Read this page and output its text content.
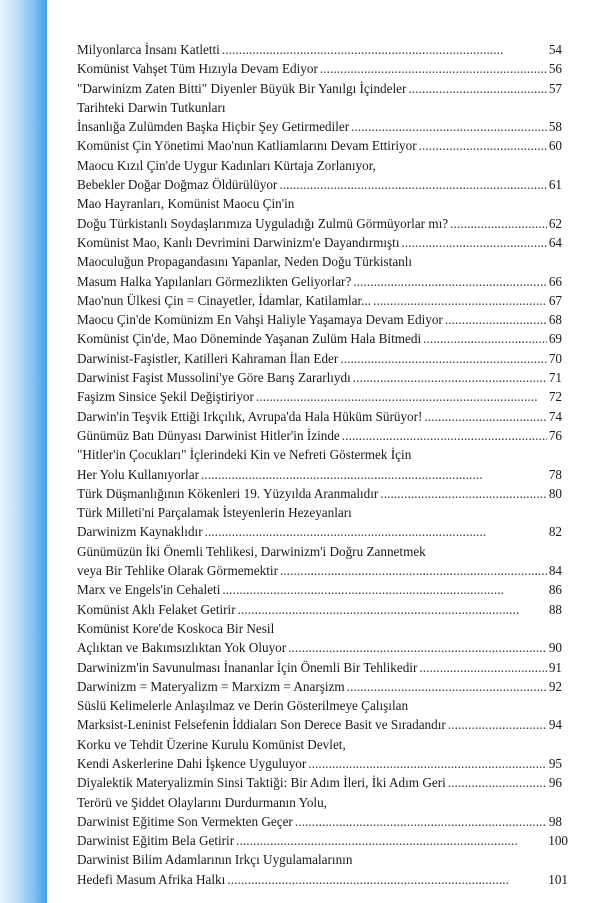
Milyonlarca İnsanı Katletti . . .	54
Komünist Vahşet Tüm Hızıyla Devam Ediyor . . .	56
"Darwinizm Zaten Bitti" Diyenler Büyük Bir Yanılgı İçindeler . . .	57
Tarihteki Darwin Tutkunları
İnsanlığa Zulümden Başka Hiçbir Şey Getirmediler . . .	58
Komünist Çin Yönetimi Mao'nun Katliamlarını Devam Ettiriyor . . .	60
Maocu Kızıl Çin'de Uygur Kadınları Kürtaja Zorlanıyor,
Bebekler Doğar Doğmaz Öldürülüyor . . .	61
Mao Hayranları, Komünist Maocu Çin'in
Doğu Türkistanlı Soydaşlarımıza Uyguladığı Zulmü Görmüyorlar mı? . . .	62
Komünist Mao, Kanlı Devrimini Darwinizm'e Dayandırmıştı . . .	64
Maoculuğun Propagandasını Yapanlar, Neden Doğu Türkistanlı
Masum Halka Yapılanları Görmezlikten Geliyorlar? . . .	66
Mao'nun Ülkesi Çin = Cinayetler, İdamlar, Katilamlar... . . .	67
Maocu Çin'de Komünizm En Vahşi Haliyle Yaşamaya Devam Ediyor . . .	68
Komünist Çin'de, Mao Döneminde Yaşanan Zulüm Hala Bitmedi . . .	69
Darwinist-Faşistler, Katilleri Kahraman İlan Eder . . .	70
Darwinist Faşist Mussolini'ye Göre Barış Zararlıydı . . .	71
Faşizm Sinsice Şekil Değiştiriyor . . .	72
Darwin'in Teşvik Ettiği Irkçılık, Avrupa'da Hala Hüküm Sürüyor! . . .	74
Günümüz Batı Dünyası Darwinist Hitler'in İzinde . . .	76
"Hitler'in Çocukları" İçlerindeki Kin ve Nefreti Göstermek İçin
Her Yolu Kullanıyorlar . . .	78
Türk Düşmanlığının Kökenleri 19. Yüzyılda Aranmalıdır . . .	80
Türk Milleti'ni Parçalamak İsteyenlerin Hezeyanları
Darwinizm Kaynaklıdır . . .	82
Günümüzün İki Önemli Tehlikesi, Darwinizm'i Doğru Zannetmek
veya Bir Tehlike Olarak Görmemektir . . .	84
Marx ve Engels'in Cehaleti . . .	86
Komünist Aklı Felaket Getirir . . .	88
Komünist Kore'de Koskoca Bir Nesil
Açlıktan ve Bakımsızlıktan Yok Oluyor . . .	90
Darwinizm'in Savunulması İnananlar İçin Önemli Bir Tehlikedir . . .	91
Darwinizm = Materyalizm = Marxizm = Anarşizm . . .	92
Süslü Kelimelerle Anlaşılmaz ve Derin Gösterilmeye Çalışılan
Marksist-Leninist Felsefenin İddiaları Son Derece Basit ve Sıradandır . . .	94
Korku ve Tehdit Üzerine Kurulu Komünist Devlet,
Kendi Askerlerine Dahi İşkence Uyguluyor . . .	95
Diyalektik Materyalizmin Sinsi Taktiği: Bir Adım İleri, İki Adım Geri . . .	96
Terörü ve Şiddet Olaylarını Durdurmanın Yolu,
Darwinist Eğitime Son Vermekten Geçer . . .	98
Darwinist Eğitim Bela Getirir . . .	100
Darwinist Bilim Adamlarının Irkçı Uygulamalarının
Hedefi Masum Afrika Halkı . . .	101
